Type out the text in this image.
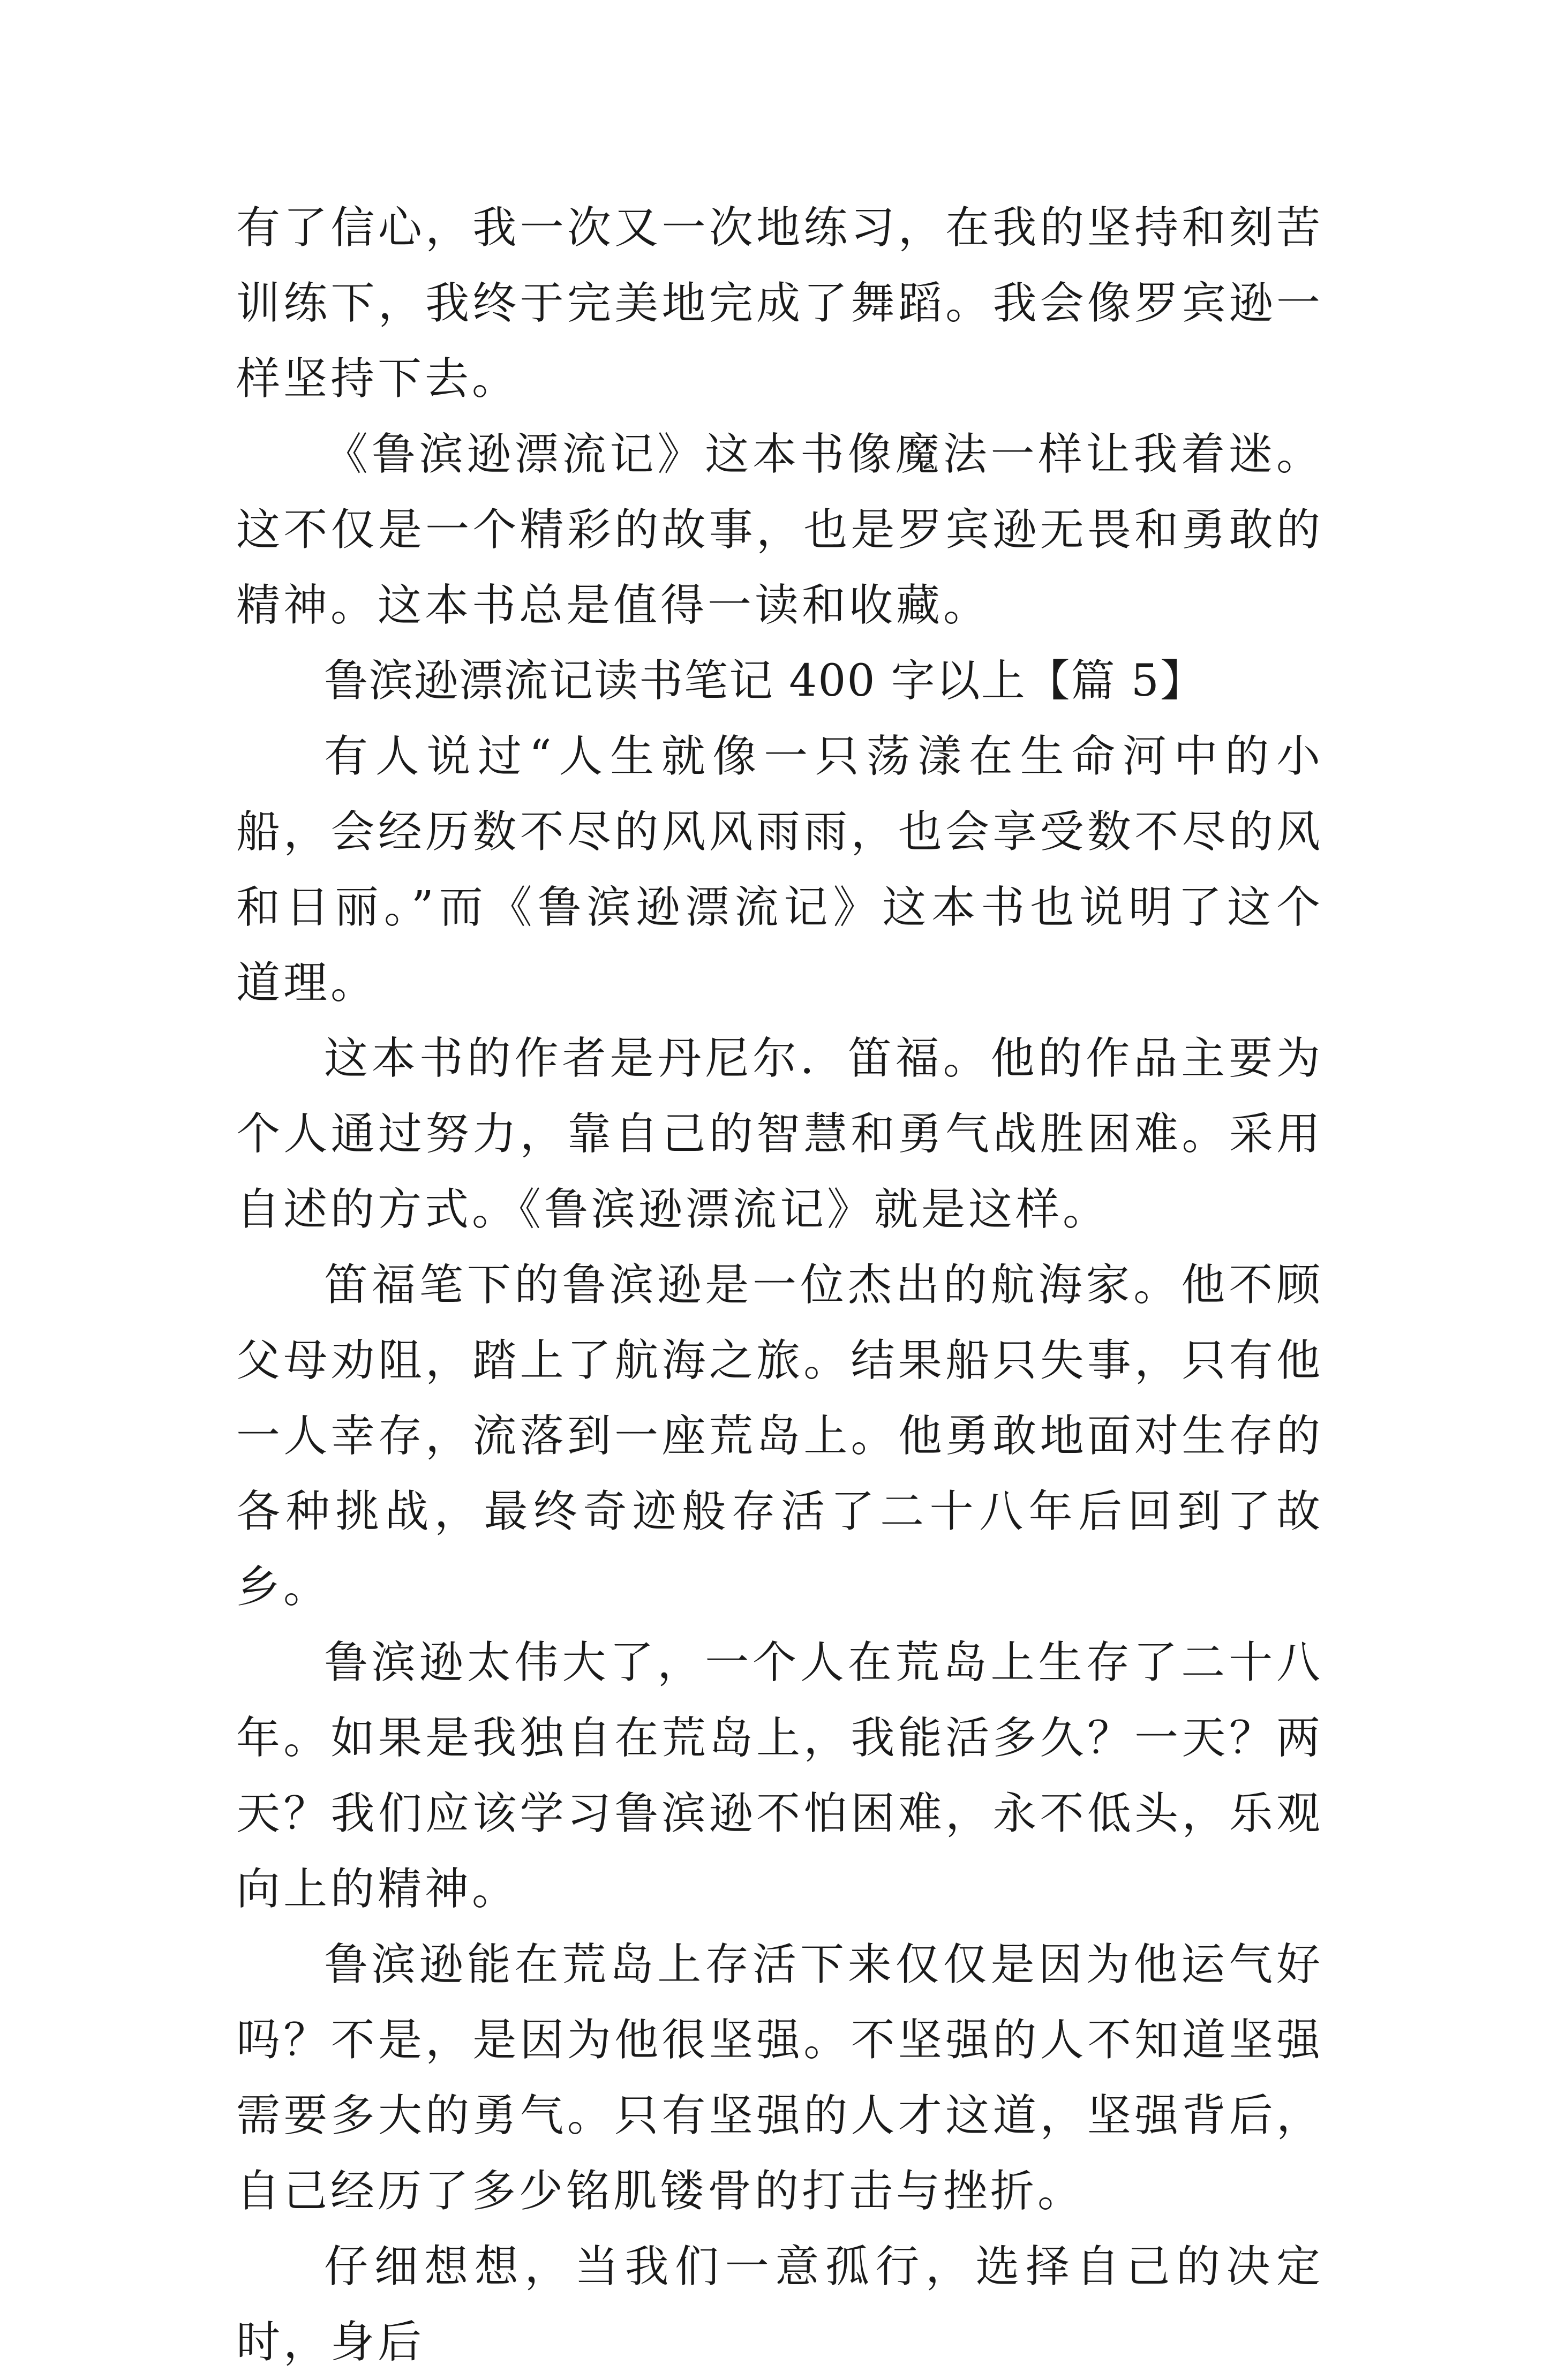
有了信心，我一次又一次地练习，在我的坚持和刻苦训练下，我终于完美地完成了舞蹈。我会像罗宾逊一样坚持下去。

《鲁滨逊漂流记》这本书像魔法一样让我着迷。这不仅是一个精彩的故事，也是罗宾逊无畏和勇敢的精神。这本书总是值得一读和收藏。

鲁滨逊漂流记读书笔记 400 字以上【篇 5】

有人说过“人生就像一只荡漾在生命河中的小船，会经历数不尽的风风雨雨，也会享受数不尽的风和日丽。”而《鲁滨逊漂流记》这本书也说明了这个道理。

这本书的作者是丹尼尔．笛福。他的作品主要为个人通过努力，靠自己的智慧和勇气战胜困难。采用自述的方式。《鲁滨逊漂流记》就是这样。

笛福笔下的鲁滨逊是一位杰出的航海家。他不顾父母劝阻，踏上了航海之旅。结果船只失事，只有他一人幸存，流落到一座荒岛上。他勇敢地面对生存的各种挑战，最终奇迹般存活了二十八年后回到了故乡。

鲁滨逊太伟大了，一个人在荒岛上生存了二十八年。如果是我独自在荒岛上，我能活多久？一天？两天？我们应该学习鲁滨逊不怕困难，永不低头，乐观向上的精神。

鲁滨逊能在荒岛上存活下来仅仅是因为他运气好吗？不是，是因为他很坚强。不坚强的人不知道坚强需要多大的勇气。只有坚强的人才这道，坚强背后，自己经历了多少铭肌镂骨的打击与挫折。

仔细想想，当我们一意孤行，选择自己的决定时，身后
